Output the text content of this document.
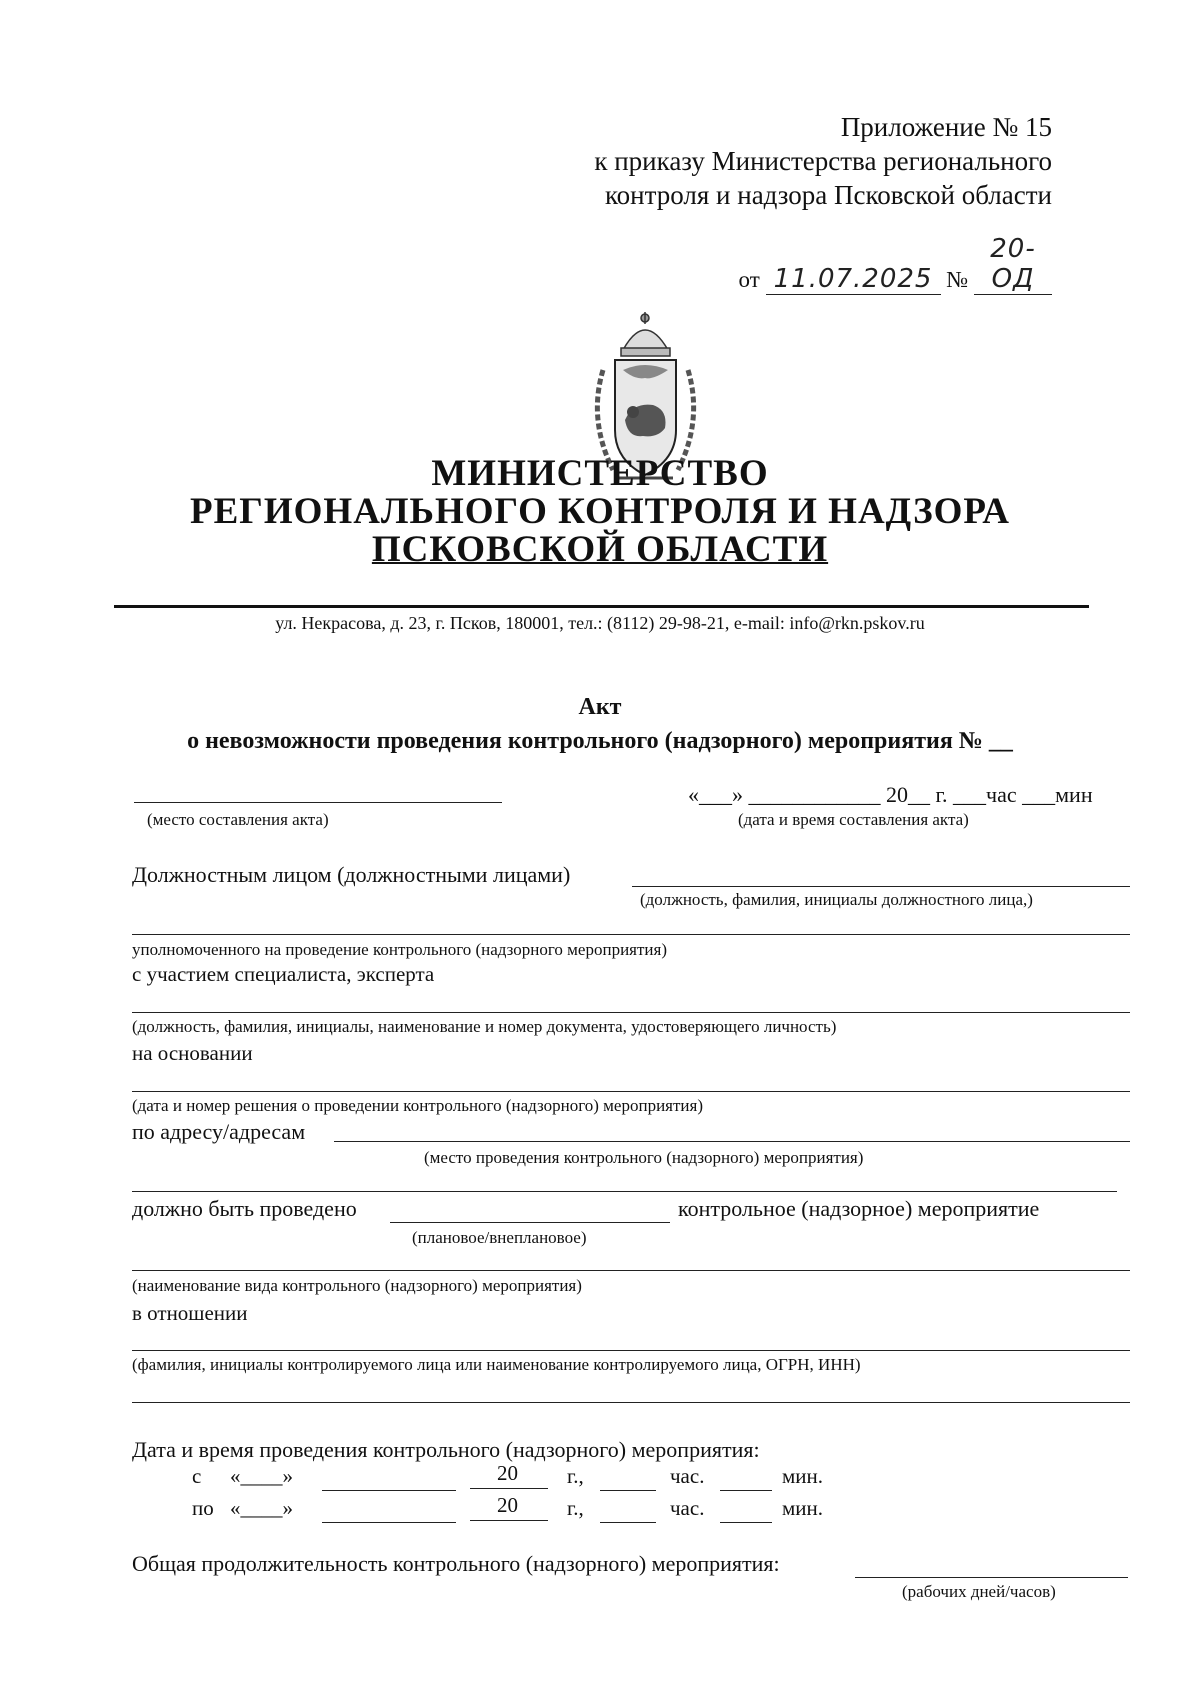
Приложение № 15
к приказу Министерства регионального
контроля и надзора Псковской области
от 11.07.2025 № 20-ОД
МИНИСТЕРСТВО
РЕГИОНАЛЬНОГО КОНТРОЛЯ И НАДЗОРА
ПСКОВСКОЙ ОБЛАСТИ
ул. Некрасова, д. 23, г. Псков, 180001, тел.: (8112) 29-98-21, e-mail: info@rkn.pskov.ru
Акт
о невозможности проведения контрольного (надзорного) мероприятия № __
(место составления акта)
«___» ____________ 20__ г. ___час ___мин
(дата и время составления акта)
Должностным лицом (должностными лицами)
(должность, фамилия, инициалы должностного лица,)
уполномоченного на проведение контрольного (надзорного мероприятия)
с участием специалиста, эксперта
(должность, фамилия, инициалы, наименование и номер документа, удостоверяющего личность)
на основании
(дата и номер решения о проведении контрольного (надзорного) мероприятия)
по адресу/адресам
(место проведения контрольного (надзорного) мероприятия)
должно быть проведено	контрольное (надзорное) мероприятие
(плановое/внеплановое)
(наименование вида контрольного (надзорного) мероприятия)
в отношении
(фамилия, инициалы контролируемого лица или наименование контролируемого лица, ОГРН, ИНН)
Дата и время проведения контрольного (надзорного) мероприятия:
с «____»	20 г.,	час.	мин.
по «____»	20 г.,	час.	мин.
Общая продолжительность контрольного (надзорного) мероприятия:
(рабочих дней/часов)
